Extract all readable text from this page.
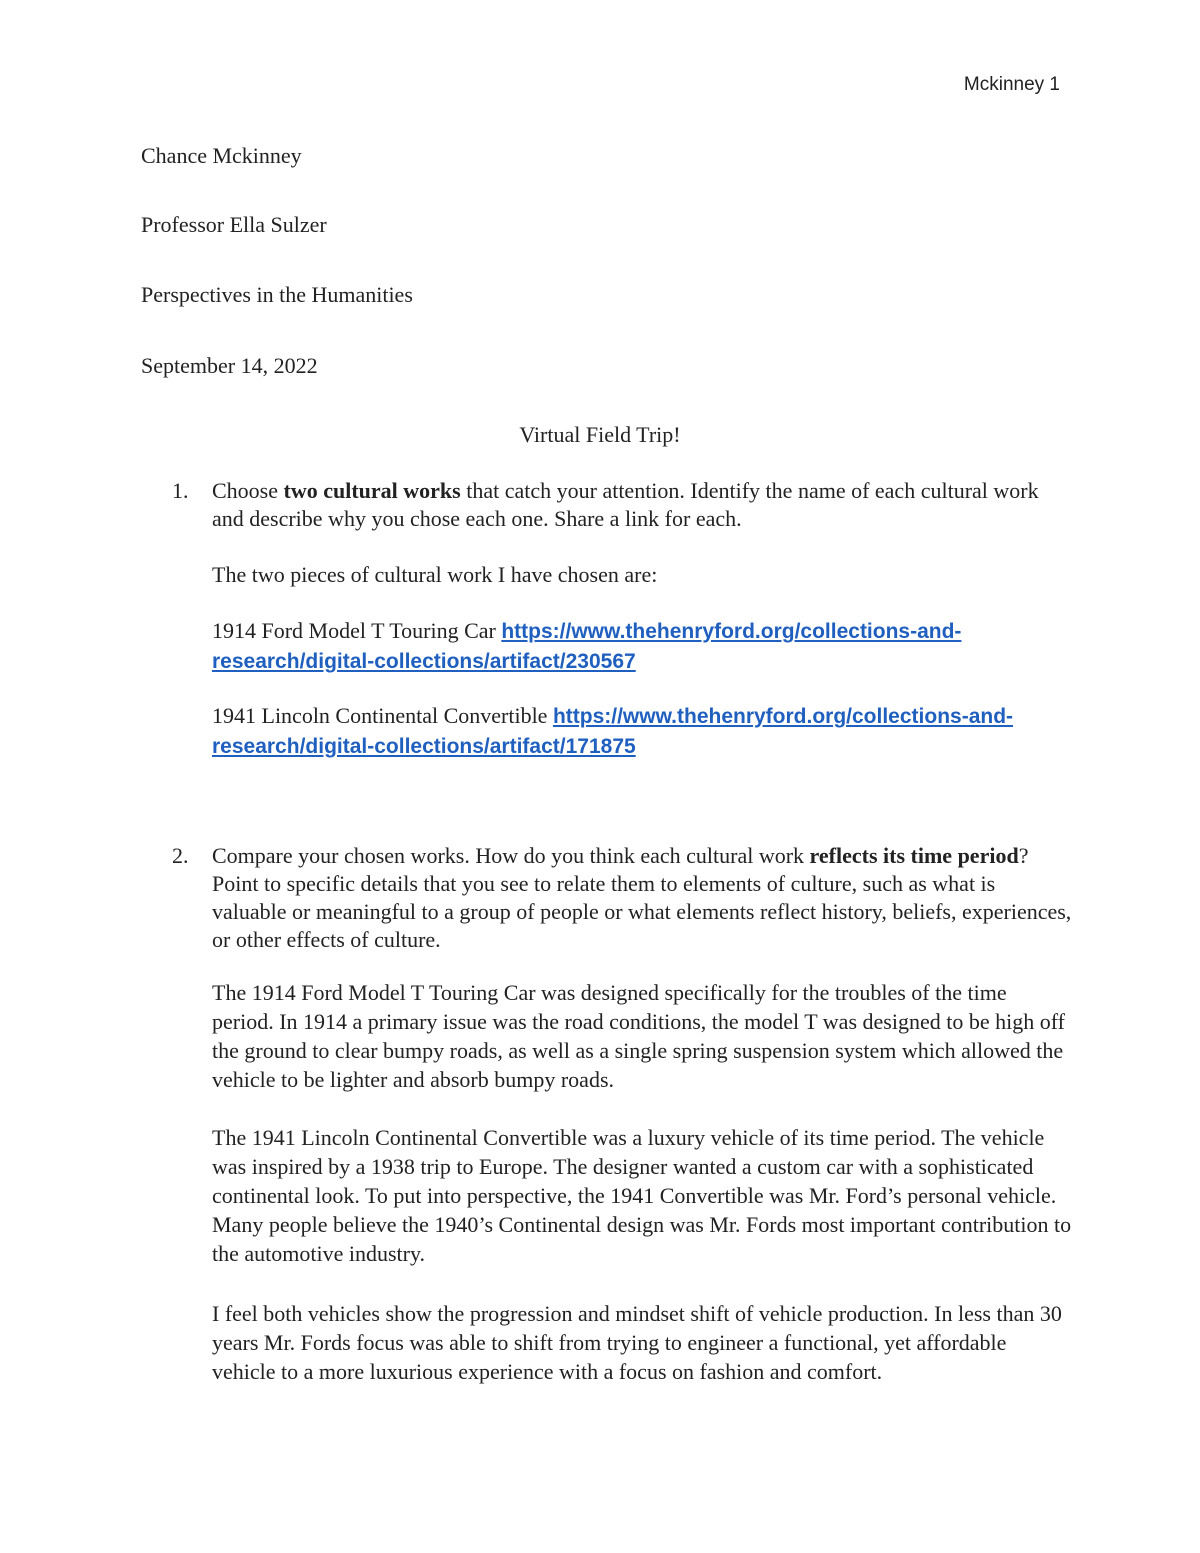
Mckinney 1
Chance Mckinney
Professor Ella Sulzer
Perspectives in the Humanities
September 14, 2022
Virtual Field Trip!
1. Choose two cultural works that catch your attention. Identify the name of each cultural work and describe why you chose each one. Share a link for each.
The two pieces of cultural work I have chosen are:
1914 Ford Model T Touring Car https://www.thehenryford.org/collections-and-research/digital-collections/artifact/230567
1941 Lincoln Continental Convertible https://www.thehenryford.org/collections-and-research/digital-collections/artifact/171875
2. Compare your chosen works. How do you think each cultural work reflects its time period? Point to specific details that you see to relate them to elements of culture, such as what is valuable or meaningful to a group of people or what elements reflect history, beliefs, experiences, or other effects of culture.
The 1914 Ford Model T Touring Car was designed specifically for the troubles of the time period. In 1914 a primary issue was the road conditions, the model T was designed to be high off the ground to clear bumpy roads, as well as a single spring suspension system which allowed the vehicle to be lighter and absorb bumpy roads.
The 1941 Lincoln Continental Convertible was a luxury vehicle of its time period. The vehicle was inspired by a 1938 trip to Europe. The designer wanted a custom car with a sophisticated continental look. To put into perspective, the 1941 Convertible was Mr. Ford’s personal vehicle. Many people believe the 1940’s Continental design was Mr. Fords most important contribution to the automotive industry.
I feel both vehicles show the progression and mindset shift of vehicle production. In less than 30 years Mr. Fords focus was able to shift from trying to engineer a functional, yet affordable vehicle to a more luxurious experience with a focus on fashion and comfort.
